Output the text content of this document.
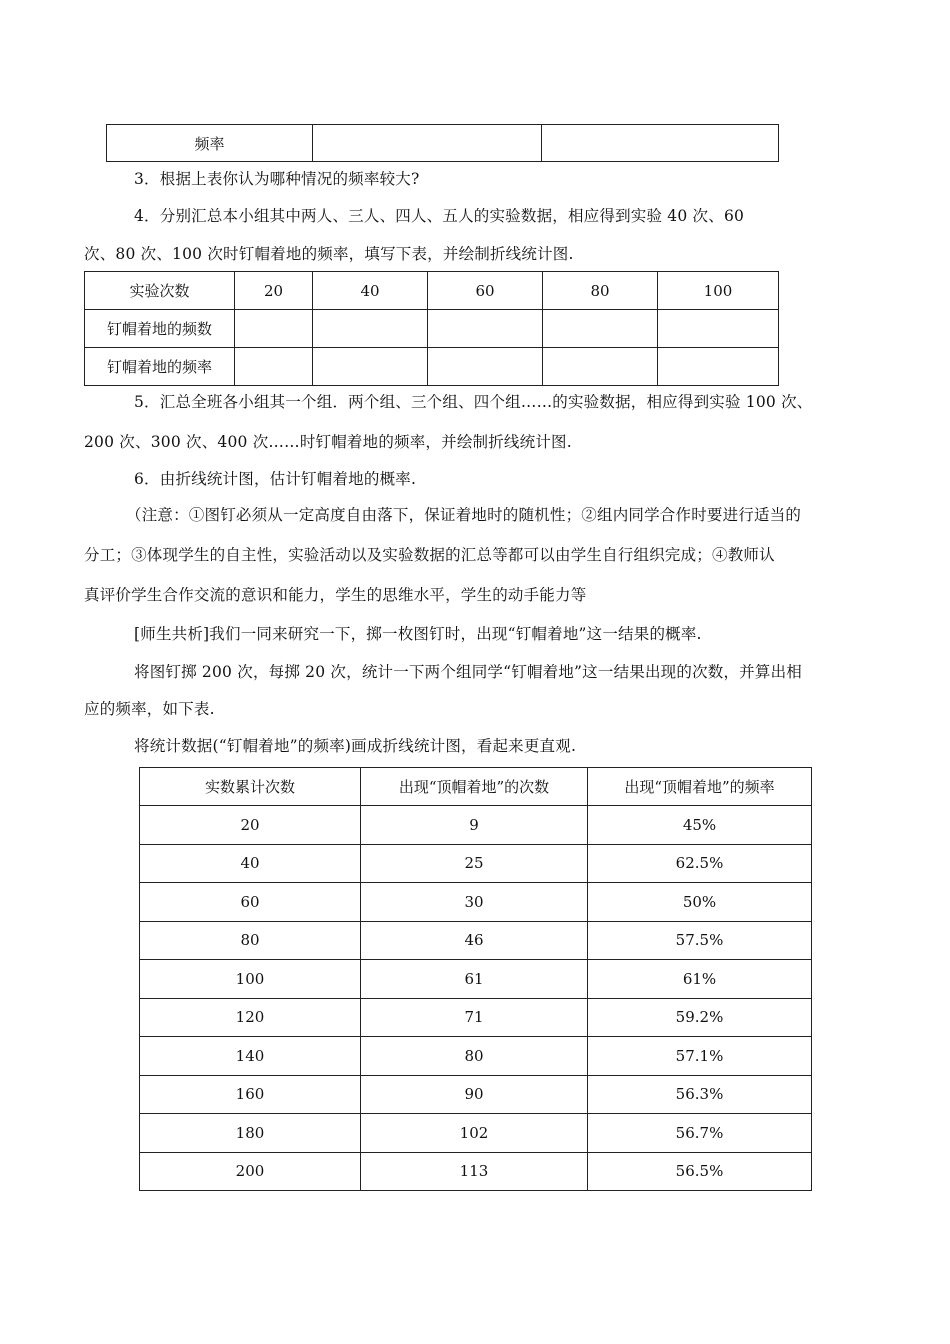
频率		
3．根据上表你认为哪种情况的频率较大?
4．分别汇总本小组其中两人、三人、四人、五人的实验数据，相应得到实验 40 次、60
次、80 次、100 次时钉帽着地的频率，填写下表，并绘制折线统计图.
实验次数	20	40	60	80	100
钉帽着地的频数					
钉帽着地的频率					
5．汇总全班各小组其一个组．两个组、三个组、四个组……的实验数据，相应得到实验 100 次、
200 次、300 次、400 次……时钉帽着地的频率，并绘制折线统计图.
6．由折线统计图，估计钉帽着地的概率.
（注意：①图钉必须从一定高度自由落下，保证着地时的随机性；②组内同学合作时要进行适当的
分工；③体现学生的自主性，实验活动以及实验数据的汇总等都可以由学生自行组织完成；④教师认
真评价学生合作交流的意识和能力，学生的思维水平，学生的动手能力等
[师生共析]我们一同来研究一下，掷一枚图钉时，出现“钉帽着地”这一结果的概率.
将图钉掷 200 次，每掷 20 次，统计一下两个组同学“钉帽着地”这一结果出现的次数，并算出相
应的频率，如下表.
将统计数据(“钉帽着地”的频率)画成折线统计图，看起来更直观.
实数累计次数	出现“顶帽着地”的次数	出现“顶帽着地”的频率
20	9	45%
40	25	62.5%
60	30	50%
80	46	57.5%
100	61	61%
120	71	59.2%
140	80	57.1%
160	90	56.3%
180	102	56.7%
200	113	56.5%
